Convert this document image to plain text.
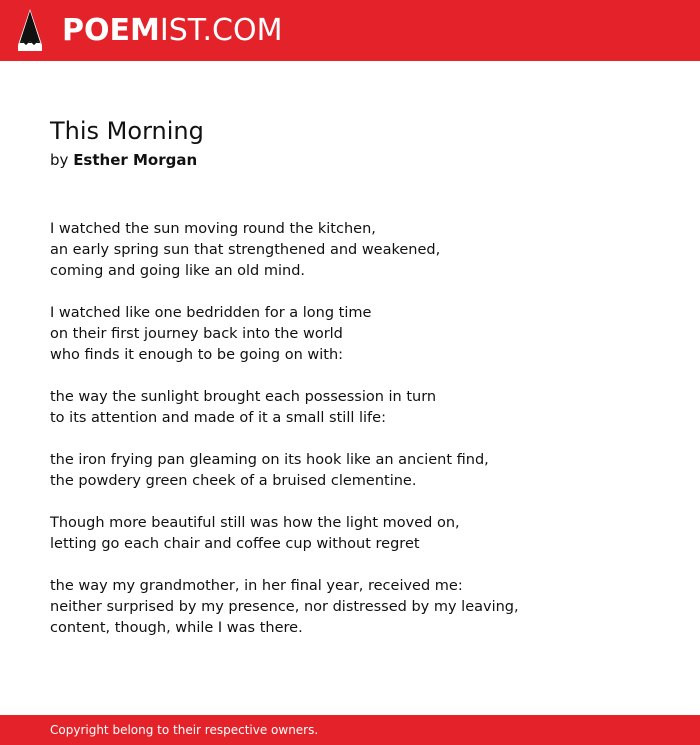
POEMIST.COM
This Morning
by Esther Morgan
I watched the sun moving round the kitchen,
an early spring sun that strengthened and weakened,
coming and going like an old mind.
I watched like one bedridden for a long time
on their first journey back into the world
who finds it enough to be going on with:
the way the sunlight brought each possession in turn
to its attention and made of it a small still life:
the iron frying pan gleaming on its hook like an ancient find,
the powdery green cheek of a bruised clementine.
Though more beautiful still was how the light moved on,
letting go each chair and coffee cup without regret
the way my grandmother, in her final year, received me:
neither surprised by my presence, nor distressed by my leaving,
content, though, while I was there.
Copyright belong to their respective owners.
